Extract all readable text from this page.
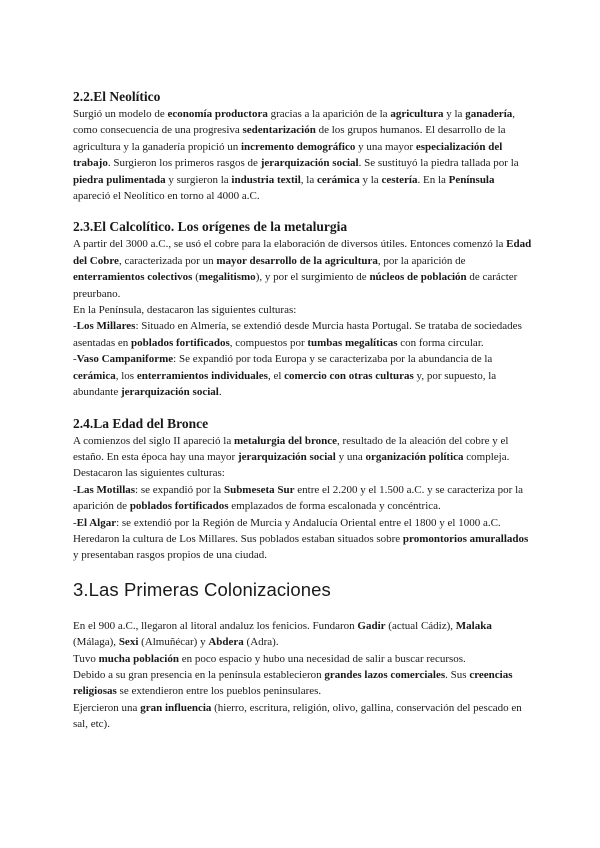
2.2.El Neolítico

Surgió un modelo de economía productora gracias a la aparición de la agricultura y la ganadería, como consecuencia de una progresiva sedentarización de los grupos humanos. El desarrollo de la agricultura y la ganadería propició un incremento demográfico y una mayor especialización del trabajo. Surgieron los primeros rasgos de jerarquización social. Se sustituyó la piedra tallada por la piedra pulimentada y surgieron la industria textil, la cerámica y la cestería. En la Península apareció el Neolítico en torno al 4000 a.C.

2.3.El Calcolítico. Los orígenes de la metalurgia

A partir del 3000 a.C., se usó el cobre para la elaboración de diversos útiles. Entonces comenzó la Edad del Cobre, caracterizada por un mayor desarrollo de la agricultura, por la aparición de enterramientos colectivos (megalitismo), y por el surgimiento de núcleos de población de carácter preurbano.

En la Península, destacaron las siguientes culturas:

-Los Millares: Situado en Almería, se extendió desde Murcia hasta Portugal. Se trataba de sociedades asentadas en poblados fortificados, compuestos por tumbas megalíticas con forma circular.

-Vaso Campaniforme: Se expandió por toda Europa y se caracterizaba por la abundancia de la cerámica, los enterramientos individuales, el comercio con otras culturas y, por supuesto, la abundante jerarquización social.

2.4.La Edad del Bronce

A comienzos del siglo II apareció la metalurgia del bronce, resultado de la aleación del cobre y el estaño. En esta época hay una mayor jerarquización social y una organización política compleja. Destacaron las siguientes culturas:

-Las Motillas: se expandió por la Submeseta Sur entre el 2.200 y el 1.500 a.C. y se caracteriza por la aparición de poblados fortificados emplazados de forma escalonada y concéntrica.

-El Algar: se extendió por la Región de Murcia y Andalucía Oriental entre el 1800 y el 1000 a.C. Heredaron la cultura de Los Millares. Sus poblados estaban situados sobre promontorios amurallados y presentaban rasgos propios de una ciudad.

3.Las Primeras Colonizaciones

En el 900 a.C., llegaron al litoral andaluz los fenicios. Fundaron Gadir (actual Cádiz), Malaka (Málaga), Sexi (Almuñécar) y Abdera (Adra).

Tuvo mucha población en poco espacio y hubo una necesidad de salir a buscar recursos.

Debido a su gran presencia en la península establecieron grandes lazos comerciales. Sus creencias religiosas se extendieron entre los pueblos peninsulares.

Ejercieron una gran influencia (hierro, escritura, religión, olivo, gallina, conservación del pescado en sal, etc).
